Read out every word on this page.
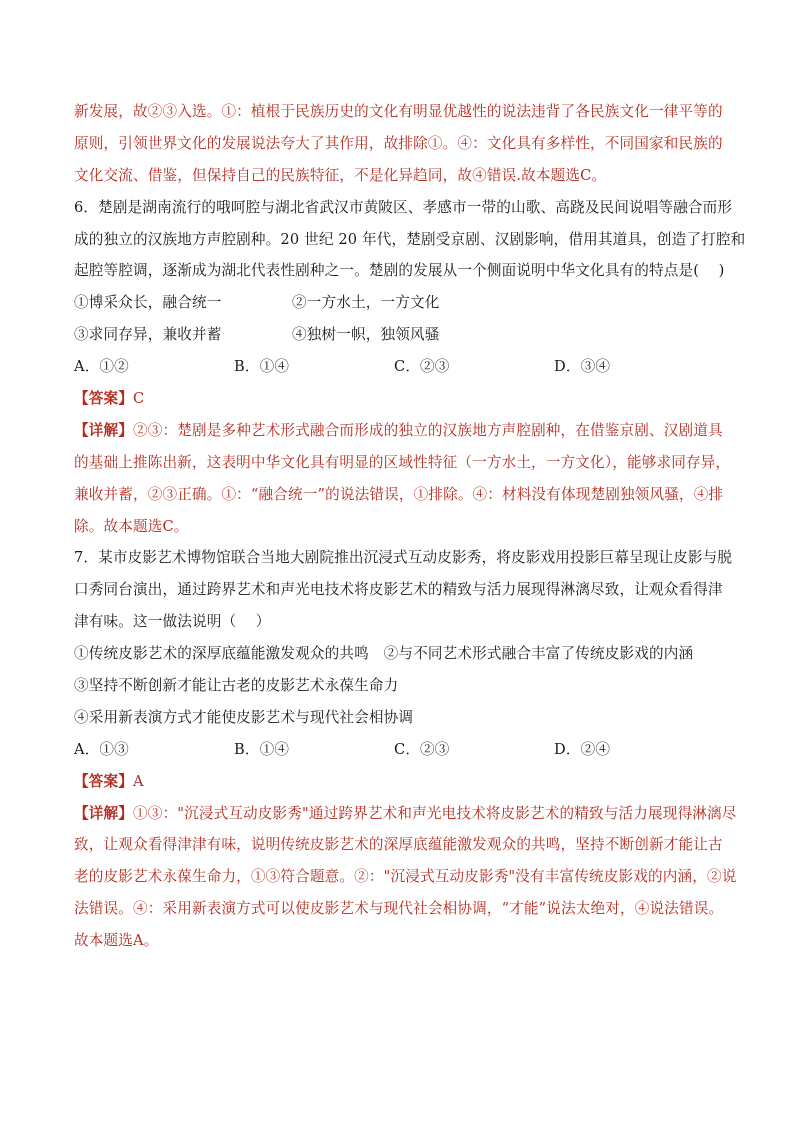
新发展，故②③入选。①：植根于民族历史的文化有明显优越性的说法违背了各民族文化一律平等的
原则，引领世界文化的发展说法夸大了其作用，故排除①。④：文化具有多样性，不同国家和民族的
文化交流、借鉴，但保持自己的民族特征，不是化异趋同，故④错误.故本题选C。
6．楚剧是湖南流行的哦呵腔与湖北省武汉市黄陂区、孝感市一带的山歌、高跷及民间说唱等融合而形
成的独立的汉族地方声腔剧种。20 世纪 20 年代，楚剧受京剧、汉剧影响，借用其道具，创造了打腔和
起腔等腔调，逐渐成为湖北代表性剧种之一。楚剧的发展从一个侧面说明中华文化具有的特点是(　 )
①博采众长，融合统一	②一方水土，一方文化
③求同存异，兼收并蓄	④独树一帜，独领风骚
A．①②	B．①④	C．②③	D．③④
【答案】C
【详解】②③：楚剧是多种艺术形式融合而形成的独立的汉族地方声腔剧种，在借鉴京剧、汉剧道具
的基础上推陈出新，这表明中华文化具有明显的区域性特征（一方水土，一方文化），能够求同存异，
兼收并蓄，②③正确。①：“融合统一”的说法错误，①排除。④：材料没有体现楚剧独领风骚，④排
除。故本题选C。
7．某市皮影艺术博物馆联合当地大剧院推出沉浸式互动皮影秀，将皮影戏用投影巨幕呈现让皮影与脱
口秀同台演出，通过跨界艺术和声光电技术将皮影艺术的精致与活力展现得淋漓尽致，让观众看得津
津有味。这一做法说明（　 ）
①传统皮影艺术的深厚底蕴能激发观众的共鸣　②与不同艺术形式融合丰富了传统皮影戏的内涵
③坚持不断创新才能让古老的皮影艺术永葆生命力
④采用新表演方式才能使皮影艺术与现代社会相协调
A．①③	B．①④	C．②③	D．②④
【答案】A
【详解】①③："沉浸式互动皮影秀"通过跨界艺术和声光电技术将皮影艺术的精致与活力展现得淋漓尽
致，让观众看得津津有味，说明传统皮影艺术的深厚底蕴能激发观众的共鸣，坚持不断创新才能让古
老的皮影艺术永葆生命力，①③符合题意。②："沉浸式互动皮影秀"没有丰富传统皮影戏的内涵，②说
法错误。④：采用新表演方式可以使皮影艺术与现代社会相协调，“才能”说法太绝对，④说法错误。
故本题选A。
